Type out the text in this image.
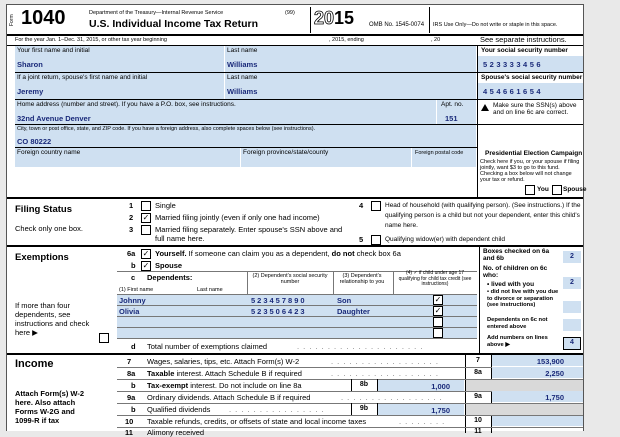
Form 1040	Department of the Treasury—Internal Revenue Service	(99)
U.S. Individual Income Tax Return	2015 OMB No. 1545-0074 IRS Use Only—Do not write or staple in this space.
For the year Jan. 1–Dec. 31, 2015, or other tax year beginning	, 2015, ending	, 20	See separate instructions.
Your first name and initial	Last name	Your social security number
Sharon	Williams	523333456
If a joint return, spouse's first name and initial	Last name	Spouse's social security number
Jeremy	Williams	454661654
Home address (number and street). If you have a P.O. box, see instructions.	Apt. no.
32nd Avenue Denver	151
Make sure the SSN(s) above and on line 6c are correct.
City, town or post office, state, and ZIP code. If you have a foreign address, also complete spaces below (see instructions).
CO 80222
Foreign country name	Foreign province/state/county	Foreign postal code	Presidential Election Campaign
Check here if you, or your spouse if filing jointly, want $3 to go to this fund. Checking a box below will not change your tax or refund.
You Spouse
Filing Status
Check only one box.
1	Single
2 ✓ Married filing jointly (even if only one had income)
3	Married filing separately. Enter spouse's SSN above and full name here.
4	Head of household (with qualifying person). (See instructions.) If the qualifying person is a child but not your dependent, enter this child's name here.
5	Qualifying widow(er) with dependent child
Exemptions	6a ✓ Yourself. If someone can claim you as a dependent, do not check box 6a
b ✓ Spouse
c Dependents:
(1) First name	Last name
(2) Dependent's social security number
(3) Dependent's relationship to you
(4) ✓ if child under age 17 qualifying for child tax credit (see instructions)
Johnny	523457890	Son	✓
Olivia	523506423	Daughter	✓
If more than four dependents, see instructions and check here ▶
d Total number of exemptions claimed	. . . . . . . . . . . . . . . . . . . . .
Boxes checked on 6a and 6b	2
No. of children on 6c who:
• lived with you	2
• did not live with you due to divorce or separation (see instructions)
Dependents on 6c not entered above
Add numbers on lines above ▶	4
Income
Attach Form(s) W-2 here. Also attach Forms W-2G and 1099-R if tax
7 Wages, salaries, tips, etc. Attach Form(s) W-2	. . . . . . . . . . . . . . . . . .	7	153,900
8a Taxable interest. Attach Schedule B if required	. . . . . . . . . . . . . . . . . .	8a	2,250
b Tax-exempt interest. Do not include on line 8a	8b	1,000
9a Ordinary dividends. Attach Schedule B if required	. . . . . . . . . . . . . . . . .	9a	1,750
b Qualified dividends . . . . . . . . . . . . . . . .	9b	1,750
10 Taxable refunds, credits, or offsets of state and local income taxes	. . . . . . . .	10
11 Alimony received	11
